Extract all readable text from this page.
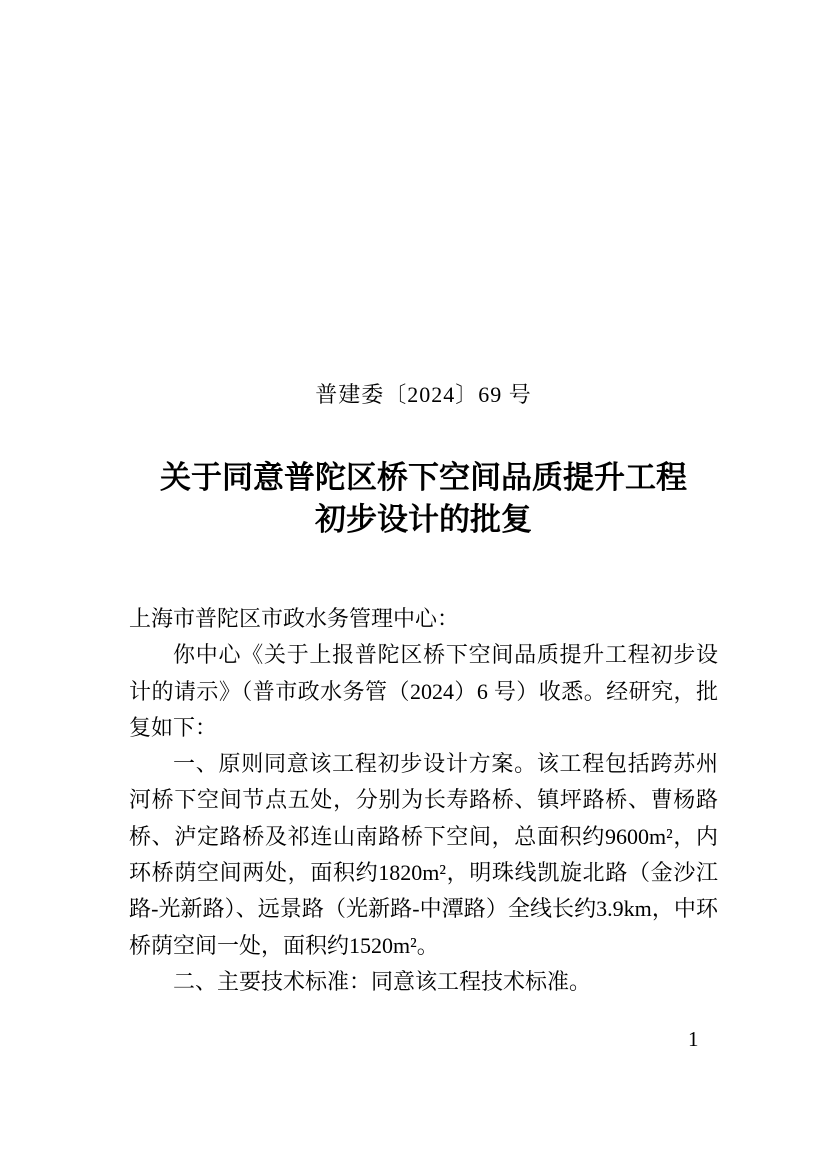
普建委〔2024〕69 号
关于同意普陀区桥下空间品质提升工程
初步设计的批复

上海市普陀区市政水务管理中心：

你中心《关于上报普陀区桥下空间品质提升工程初步设计的请示》（普市政水务管（2024）6 号）收悉。经研究，批复如下：

一、原则同意该工程初步设计方案。该工程包括跨苏州河桥下空间节点五处，分别为长寿路桥、镇坪路桥、曹杨路桥、泸定路桥及祁连山南路桥下空间，总面积约9600m²，内环桥荫空间两处，面积约1820m²，明珠线凯旋北路（金沙江路-光新路）、远景路（光新路-中潭路）全线长约3.9km，中环桥荫空间一处，面积约1520m²。

二、主要技术标准：同意该工程技术标准。

1
